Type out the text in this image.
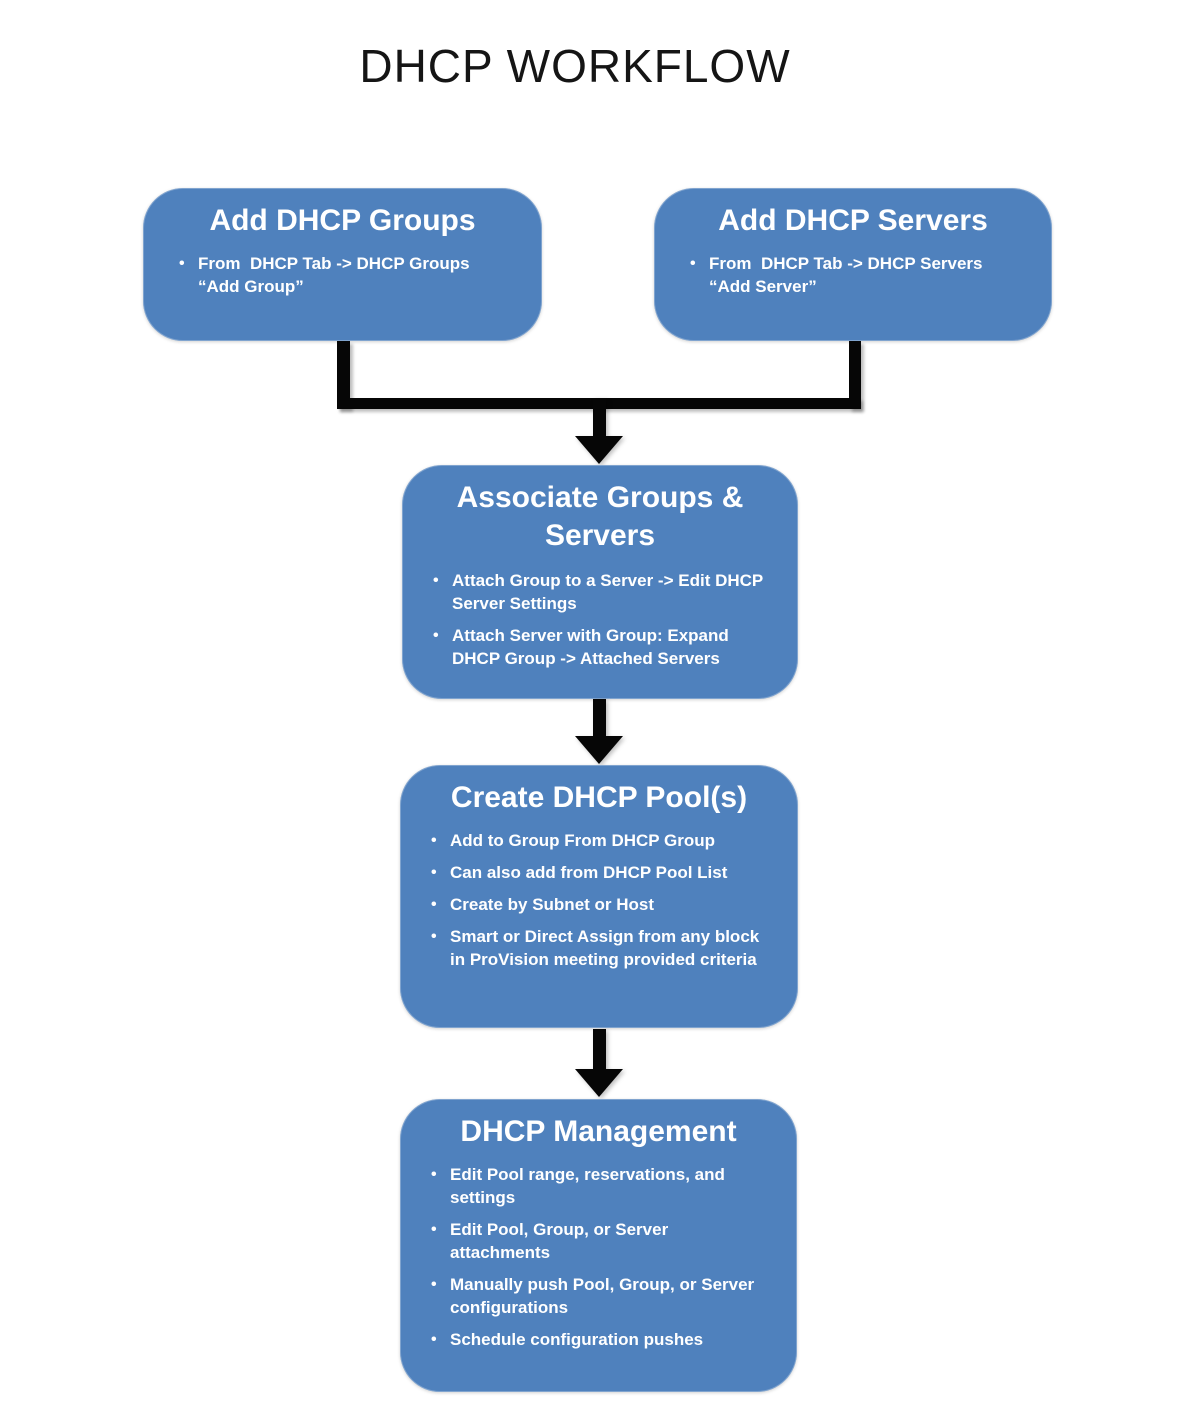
DHCP WORKFLOW
Add DHCP Groups
• From  DHCP Tab -> DHCP Groups “Add Group”
Add DHCP Servers
• From  DHCP Tab -> DHCP Servers “Add Server”
Associate Groups & Servers
• Attach Group to a Server -> Edit DHCP Server Settings
• Attach Server with Group: Expand DHCP Group -> Attached Servers
Create DHCP Pool(s)
• Add to Group From DHCP Group
• Can also add from DHCP Pool List
• Create by Subnet or Host
• Smart or Direct Assign from any block in ProVision meeting provided criteria
DHCP Management
• Edit Pool range, reservations, and settings
• Edit Pool, Group, or Server attachments
• Manually push Pool, Group, or Server configurations
• Schedule configuration pushes
